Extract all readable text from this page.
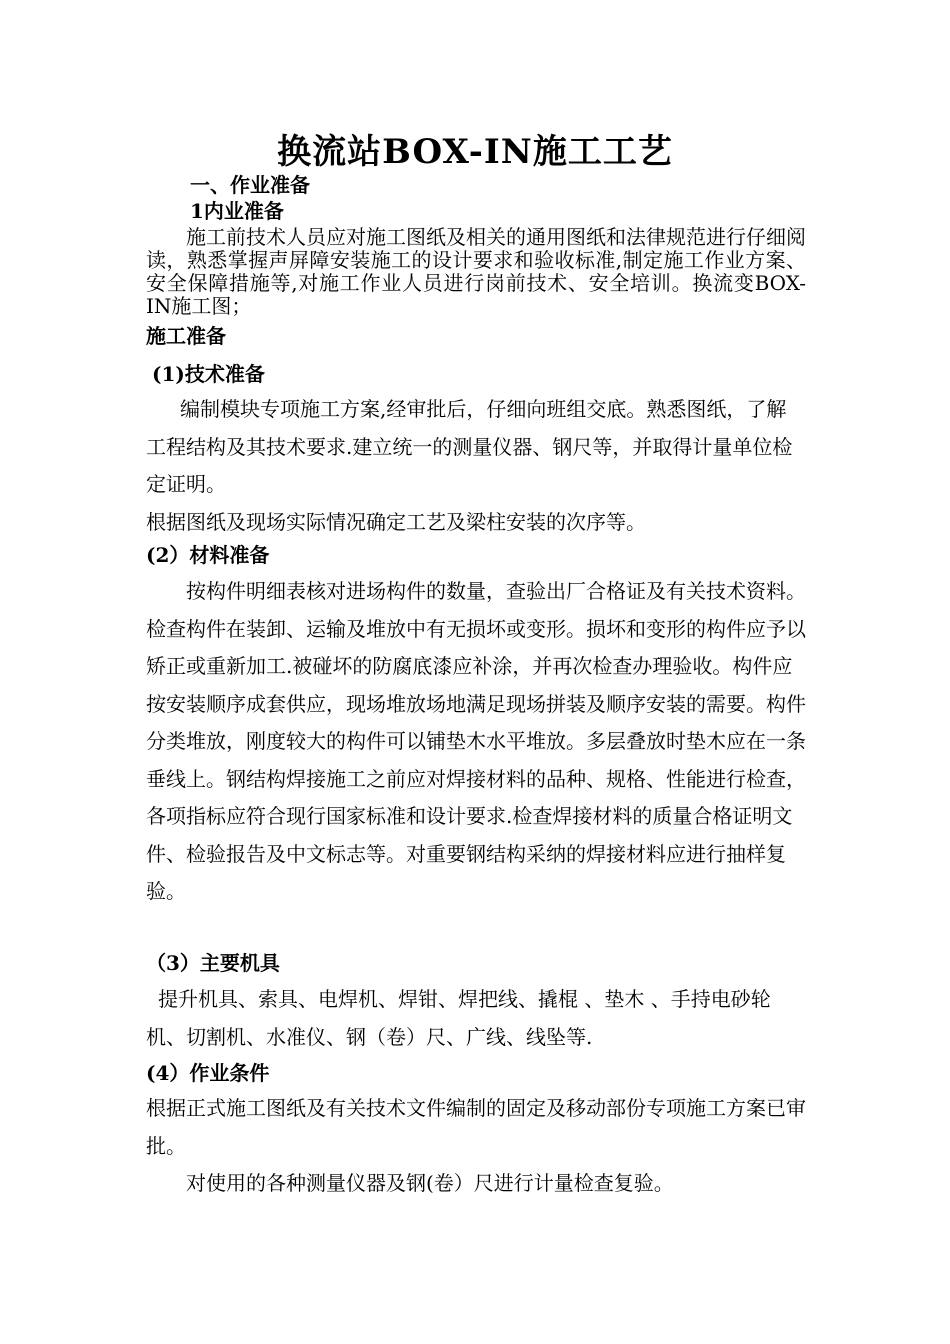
换流站BOX-IN施工工艺
一、作业准备
1内业准备

施工前技术人员应对施工图纸及相关的通用图纸和法律规范进行仔细阅读，熟悉掌握声屏障安装施工的设计要求和验收标准,制定施工作业方案、安全保障措施等,对施工作业人员进行岗前技术、安全培训。换流变BOX-IN施工图；

施工准备
(1)技术准备

编制模块专项施工方案,经审批后，仔细向班组交底。熟悉图纸，了解工程结构及其技术要求.建立统一的测量仪器、钢尺等，并取得计量单位检定证明。

根据图纸及现场实际情况确定工艺及梁柱安装的次序等。

(2）材料准备

按构件明细表核对进场构件的数量，查验出厂合格证及有关技术资料。检查构件在装卸、运输及堆放中有无损坏或变形。损坏和变形的构件应予以矫正或重新加工.被碰坏的防腐底漆应补涂，并再次检查办理验收。构件应按安装顺序成套供应，现场堆放场地满足现场拼装及顺序安装的需要。构件分类堆放，刚度较大的构件可以铺垫木水平堆放。多层叠放时垫木应在一条垂线上。钢结构焊接施工之前应对焊接材料的品种、规格、性能进行检查，各项指标应符合现行国家标准和设计要求.检查焊接材料的质量合格证明文件、检验报告及中文标志等。对重要钢结构采纳的焊接材料应进行抽样复验。

（3）主要机具

提升机具、索具、电焊机、焊钳、焊把线、撬棍 、垫木 、手持电砂轮 机、切割机、水准仪、钢（卷）尺、广线、线坠等.

(4）作业条件

根据正式施工图纸及有关技术文件编制的固定及移动部份专项施工方案已审批。

对使用的各种测量仪器及钢(卷）尺进行计量检查复验。
